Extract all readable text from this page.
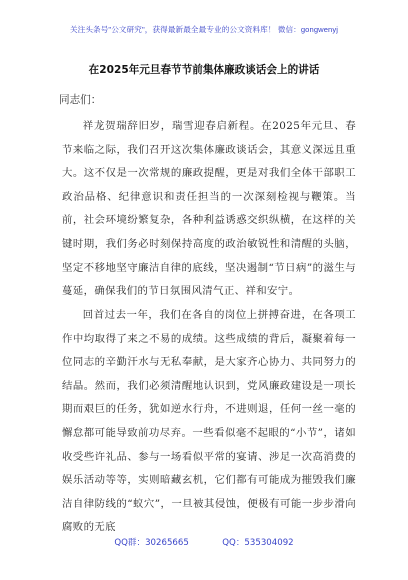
关注头条号"公文研究"，获得最新最全最专业的公文资料库！ 微信：gongwenyj
在2025年元旦春节节前集体廉政谈话会上的讲话
同志们：
祥龙贺瑞辞旧岁，瑞雪迎春启新程。在2025年元旦、春节来临之际，我们召开这次集体廉政谈话会，其意义深远且重大。这不仅是一次常规的廉政提醒，更是对我们全体干部职工政治品格、纪律意识和责任担当的一次深刻检视与鞭策。当前，社会环境纷繁复杂，各种利益诱惑交织纵横，在这样的关键时期，我们务必时刻保持高度的政治敏锐性和清醒的头脑，坚定不移地坚守廉洁自律的底线，坚决遏制“节日病”的滋生与蔓延，确保我们的节日氛围风清气正、祥和安宁。
回首过去一年，我们在各自的岗位上拼搏奋进，在各项工作中均取得了来之不易的成绩。这些成绩的背后，凝聚着每一位同志的辛勤汗水与无私奉献，是大家齐心协力、共同努力的结晶。然而，我们必须清醒地认识到，党风廉政建设是一项长期而艰巨的任务，犹如逆水行舟，不进则退，任何一丝一毫的懈怠都可能导致前功尽弃。一些看似毫不起眼的“小节”，诸如收受些许礼品、参与一场看似平常的宴请、涉足一次高消费的娱乐活动等等，实则暗藏玄机，它们都有可能成为摧毁我们廉洁自律防线的“蚁穴”，一旦被其侵蚀，便极有可能一步步滑向腐败的无底
QQ群：30265665	QQ：535304092
